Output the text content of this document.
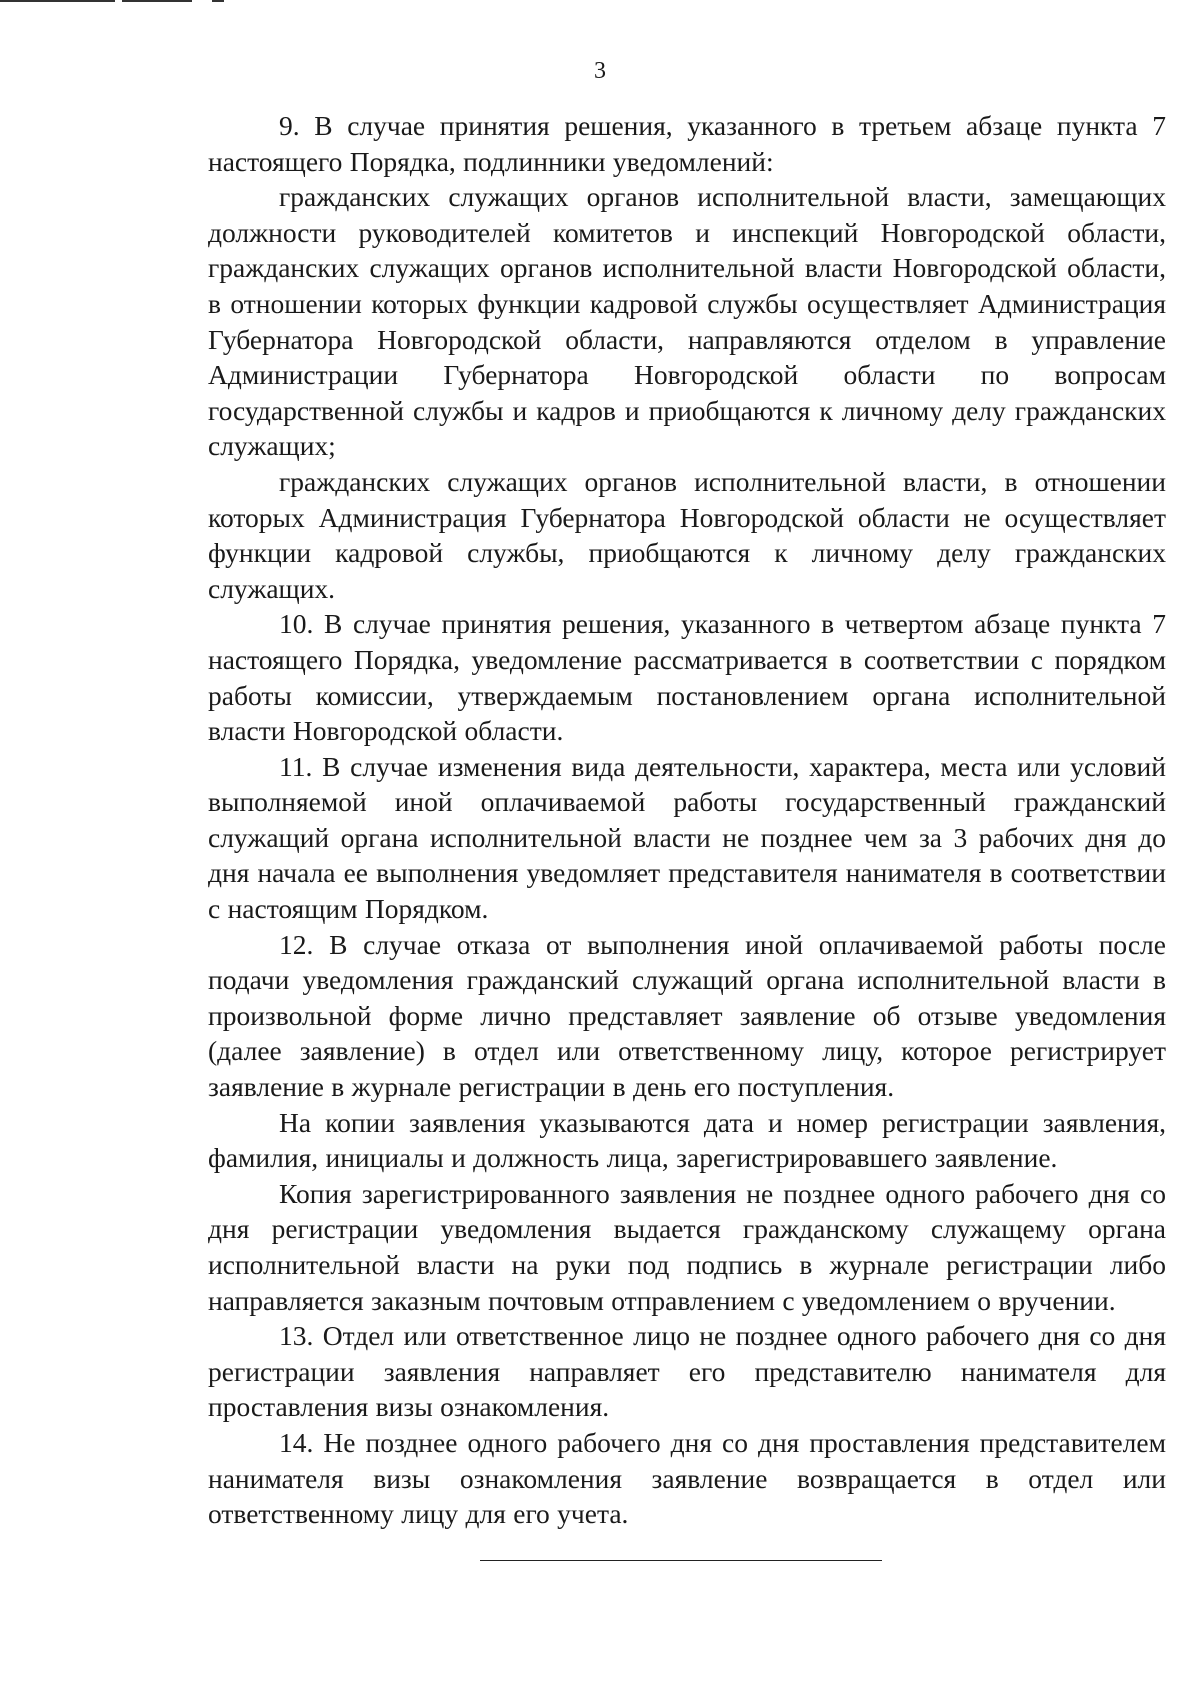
3

9. В случае принятия решения, указанного в третьем абзаце пункта 7 настоящего Порядка, подлинники уведомлений:

гражданских служащих органов исполнительной власти, замещающих должности руководителей комитетов и инспекций Новгородской области, гражданских служащих органов исполнительной власти Новгородской области, в отношении которых функции кадровой службы осуществляет Администрация Губернатора Новгородской области, направляются отделом в управление Администрации Губернатора Новгородской области по вопросам государственной службы и кадров и приобщаются к личному делу гражданских служащих;

гражданских служащих органов исполнительной власти, в отношении которых Администрация Губернатора Новгородской области не осуществляет функции кадровой службы, приобщаются к личному делу гражданских служащих.

10. В случае принятия решения, указанного в четвертом абзаце пункта 7 настоящего Порядка, уведомление рассматривается в соответствии с порядком работы комиссии, утверждаемым постановлением органа исполнительной власти Новгородской области.

11. В случае изменения вида деятельности, характера, места или условий выполняемой иной оплачиваемой работы государственный гражданский служащий органа исполнительной власти не позднее чем за 3 рабочих дня до дня начала ее выполнения уведомляет представителя нанимателя в соответствии с настоящим Порядком.

12. В случае отказа от выполнения иной оплачиваемой работы после подачи уведомления гражданский служащий органа исполнительной власти в произвольной форме лично представляет заявление об отзыве уведомления (далее заявление) в отдел или ответственному лицу, которое регистрирует заявление в журнале регистрации в день его поступления.

На копии заявления указываются дата и номер регистрации заявления, фамилия, инициалы и должность лица, зарегистрировавшего заявление.

Копия зарегистрированного заявления не позднее одного рабочего дня со дня регистрации уведомления выдается гражданскому служащему органа исполнительной власти на руки под подпись в журнале регистрации либо направляется заказным почтовым отправлением с уведомлением о вручении.

13. Отдел или ответственное лицо не позднее одного рабочего дня со дня регистрации заявления направляет его представителю нанимателя для проставления визы ознакомления.

14. Не позднее одного рабочего дня со дня проставления представителем нанимателя визы ознакомления заявление возвращается в отдел или ответственному лицу для его учета.
